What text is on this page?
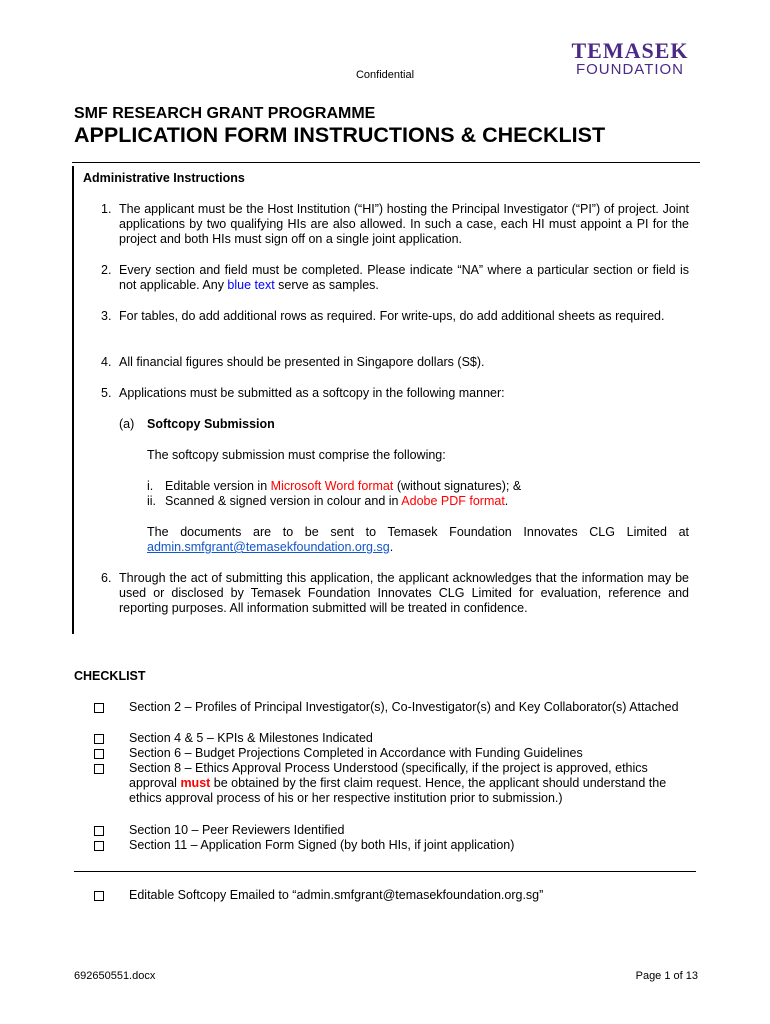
TEMASEK
FOUNDATION
Confidential
SMF RESEARCH GRANT PROGRAMME
APPLICATION FORM INSTRUCTIONS & CHECKLIST
Administrative Instructions
1. The applicant must be the Host Institution (“HI”) hosting the Principal Investigator (“PI”) of project. Joint applications by two qualifying HIs are also allowed. In such a case, each HI must appoint a PI for the project and both HIs must sign off on a single joint application.
2. Every section and field must be completed. Please indicate “NA” where a particular section or field is not applicable. Any blue text serve as samples.
3. For tables, do add additional rows as required. For write-ups, do add additional sheets as required.
4. All financial figures should be presented in Singapore dollars (S$).
5. Applications must be submitted as a softcopy in the following manner:
(a) Softcopy Submission
The softcopy submission must comprise the following:
i. Editable version in Microsoft Word format (without signatures); &
ii. Scanned & signed version in colour and in Adobe PDF format.
The documents are to be sent to Temasek Foundation Innovates CLG Limited at admin.smfgrant@temasekfoundation.org.sg.
6. Through the act of submitting this application, the applicant acknowledges that the information may be used or disclosed by Temasek Foundation Innovates CLG Limited for evaluation, reference and reporting purposes. All information submitted will be treated in confidence.
CHECKLIST
Section 2 – Profiles of Principal Investigator(s), Co-Investigator(s) and Key Collaborator(s) Attached
Section 4 & 5 – KPIs & Milestones Indicated
Section 6 – Budget Projections Completed in Accordance with Funding Guidelines
Section 8 – Ethics Approval Process Understood (specifically, if the project is approved, ethics approval must be obtained by the first claim request. Hence, the applicant should understand the ethics approval process of his or her respective institution prior to submission.)
Section 10 – Peer Reviewers Identified
Section 11 – Application Form Signed (by both HIs, if joint application)
Editable Softcopy Emailed to “admin.smfgrant@temasekfoundation.org.sg”
692650551.docx	Page 1 of 13
